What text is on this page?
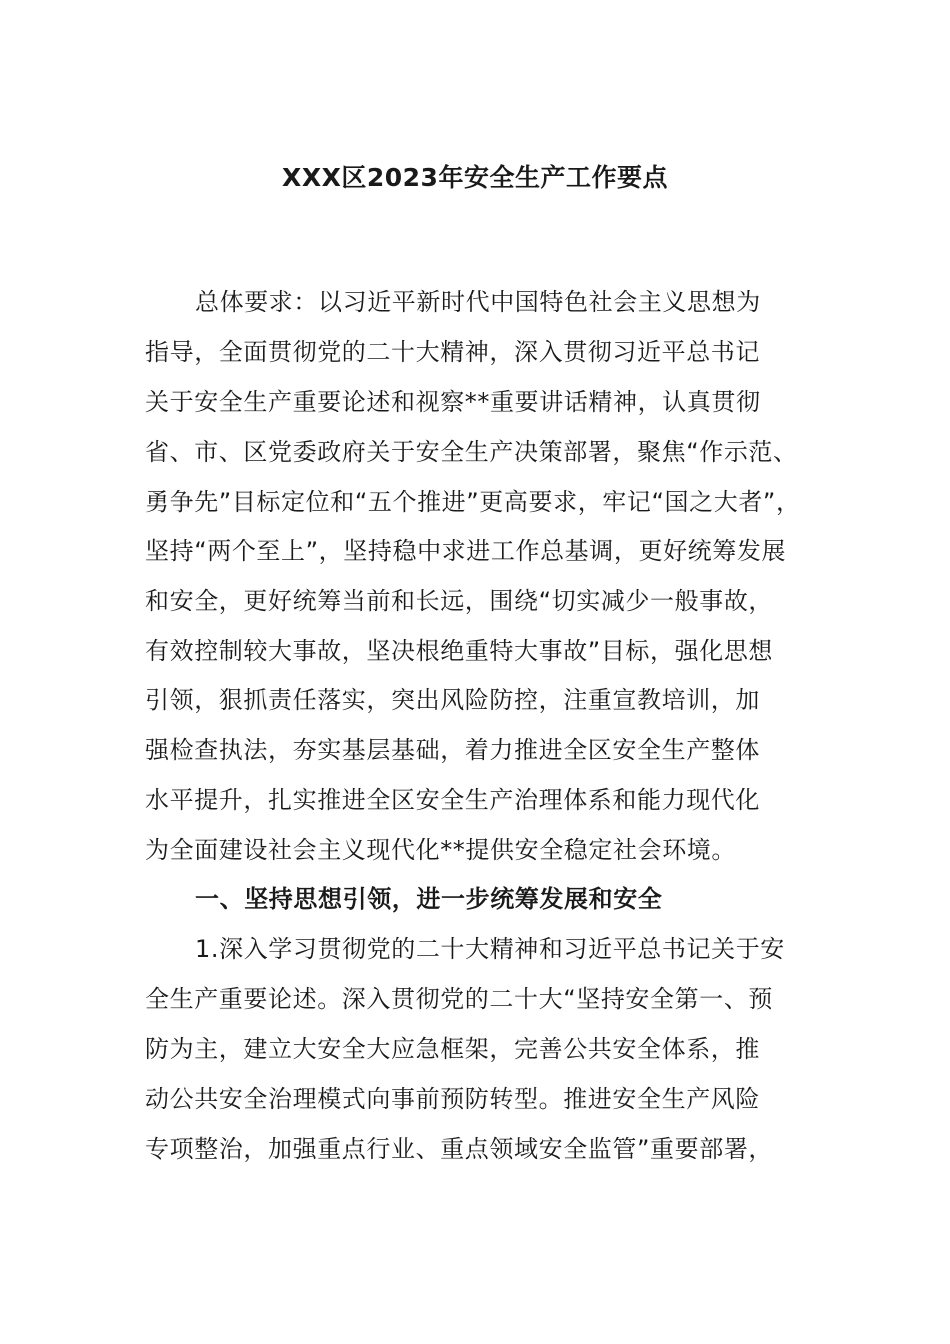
XXX区2023年安全生产工作要点
总体要求：以习近平新时代中国特色社会主义思想为
指导，全面贯彻党的二十大精神，深入贯彻习近平总书记
关于安全生产重要论述和视察**重要讲话精神，认真贯彻
省、市、区党委政府关于安全生产决策部署，聚焦“作示范、
勇争先”目标定位和“五个推进”更高要求，牢记“国之大者”，
坚持“两个至上”，坚持稳中求进工作总基调，更好统筹发展
和安全，更好统筹当前和长远，围绕“切实减少一般事故，
有效控制较大事故，坚决根绝重特大事故”目标，强化思想
引领，狠抓责任落实，突出风险防控，注重宣教培训，加
强检查执法，夯实基层基础，着力推进全区安全生产整体
水平提升，扎实推进全区安全生产治理体系和能力现代化
为全面建设社会主义现代化**提供安全稳定社会环境。
一、坚持思想引领，进一步统筹发展和安全
1.深入学习贯彻党的二十大精神和习近平总书记关于安
全生产重要论述。深入贯彻党的二十大“坚持安全第一、预
防为主，建立大安全大应急框架，完善公共安全体系，推
动公共安全治理模式向事前预防转型。推进安全生产风险
专项整治，加强重点行业、重点领域安全监管”重要部署，
